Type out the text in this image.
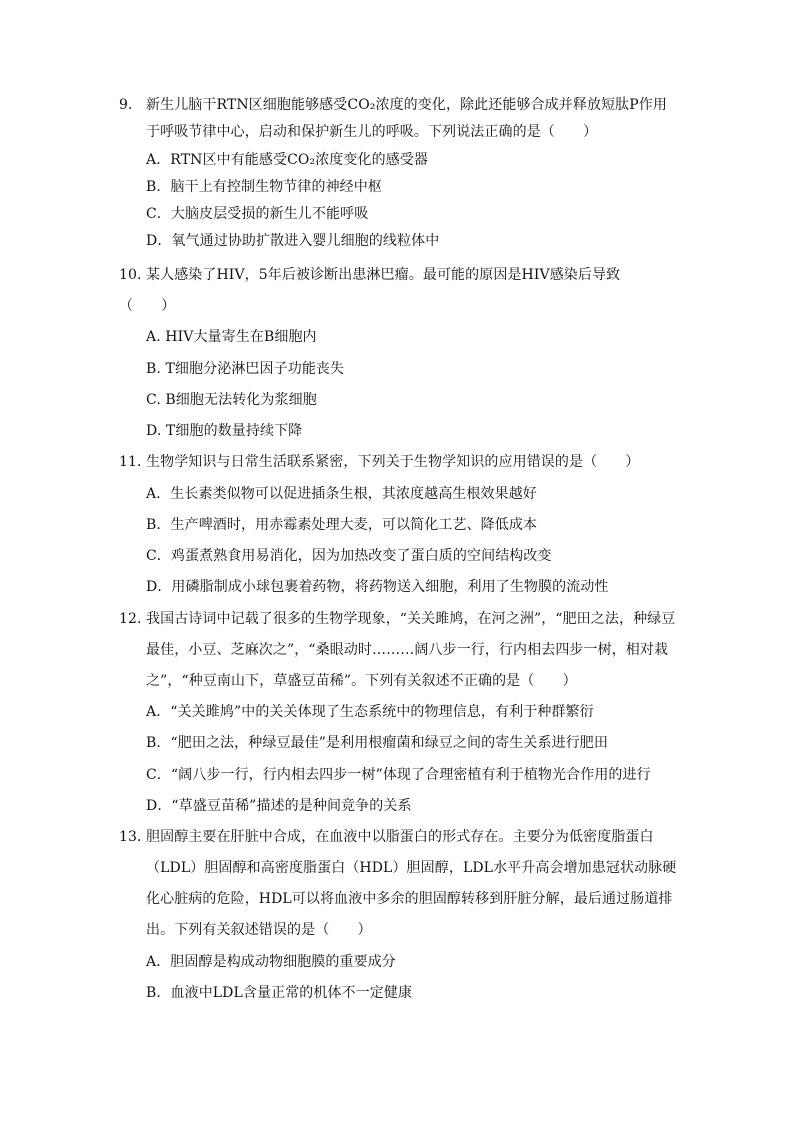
9． 新生儿脑干RTN区细胞能够感受CO₂浓度的变化，除此还能够合成并释放短肽P作用
于呼吸节律中心，启动和保护新生儿的呼吸。下列说法正确的是（　　）
A．RTN区中有能感受CO₂浓度变化的感受器
B．脑干上有控制生物节律的神经中枢
C．大脑皮层受损的新生儿不能呼吸
D．氧气通过协助扩散进入婴儿细胞的线粒体中
10．
某人感染了HIV，5年后被诊断出患淋巴瘤。最可能的原因是HIV感染后导致
（　　）
A. HIV大量寄生在B细胞内
B. T细胞分泌淋巴因子功能丧失
C. B细胞无法转化为浆细胞
D. T细胞的数量持续下降
11．
生物学知识与日常生活联系紧密，下列关于生物学知识的应用错误的是（　　）
A．生长素类似物可以促进插条生根，其浓度越高生根效果越好
B．生产啤酒时，用赤霉素处理大麦，可以简化工艺、降低成本
C．鸡蛋煮熟食用易消化，因为加热改变了蛋白质的空间结构改变
D．用磷脂制成小球包裹着药物，将药物送入细胞，利用了生物膜的流动性
12．
我国古诗词中记载了很多的生物学现象，“关关雎鸠，在河之洲”，“肥田之法，种绿豆
最佳，小豆、芝麻次之”，“桑眼动时………阔八步一行，行内相去四步一树，相对栽
之”，“种豆南山下，草盛豆苗稀”。下列有关叙述不正确的是（　　）
A．“关关雎鸠”中的关关体现了生态系统中的物理信息，有利于种群繁衍
B．“肥田之法，种绿豆最佳”是利用根瘤菌和绿豆之间的寄生关系进行肥田
C．“阔八步一行，行内相去四步一树”体现了合理密植有利于植物光合作用的进行
D．“草盛豆苗稀”描述的是种间竞争的关系
13．
胆固醇主要在肝脏中合成，在血液中以脂蛋白的形式存在。主要分为低密度脂蛋白
（LDL）胆固醇和高密度脂蛋白（HDL）胆固醇，LDL水平升高会增加患冠状动脉硬
化心脏病的危险，HDL可以将血液中多余的胆固醇转移到肝脏分解，最后通过肠道排
出。下列有关叙述错误的是（　　）
A．胆固醇是构成动物细胞膜的重要成分
B．血液中LDL含量正常的机体不一定健康
